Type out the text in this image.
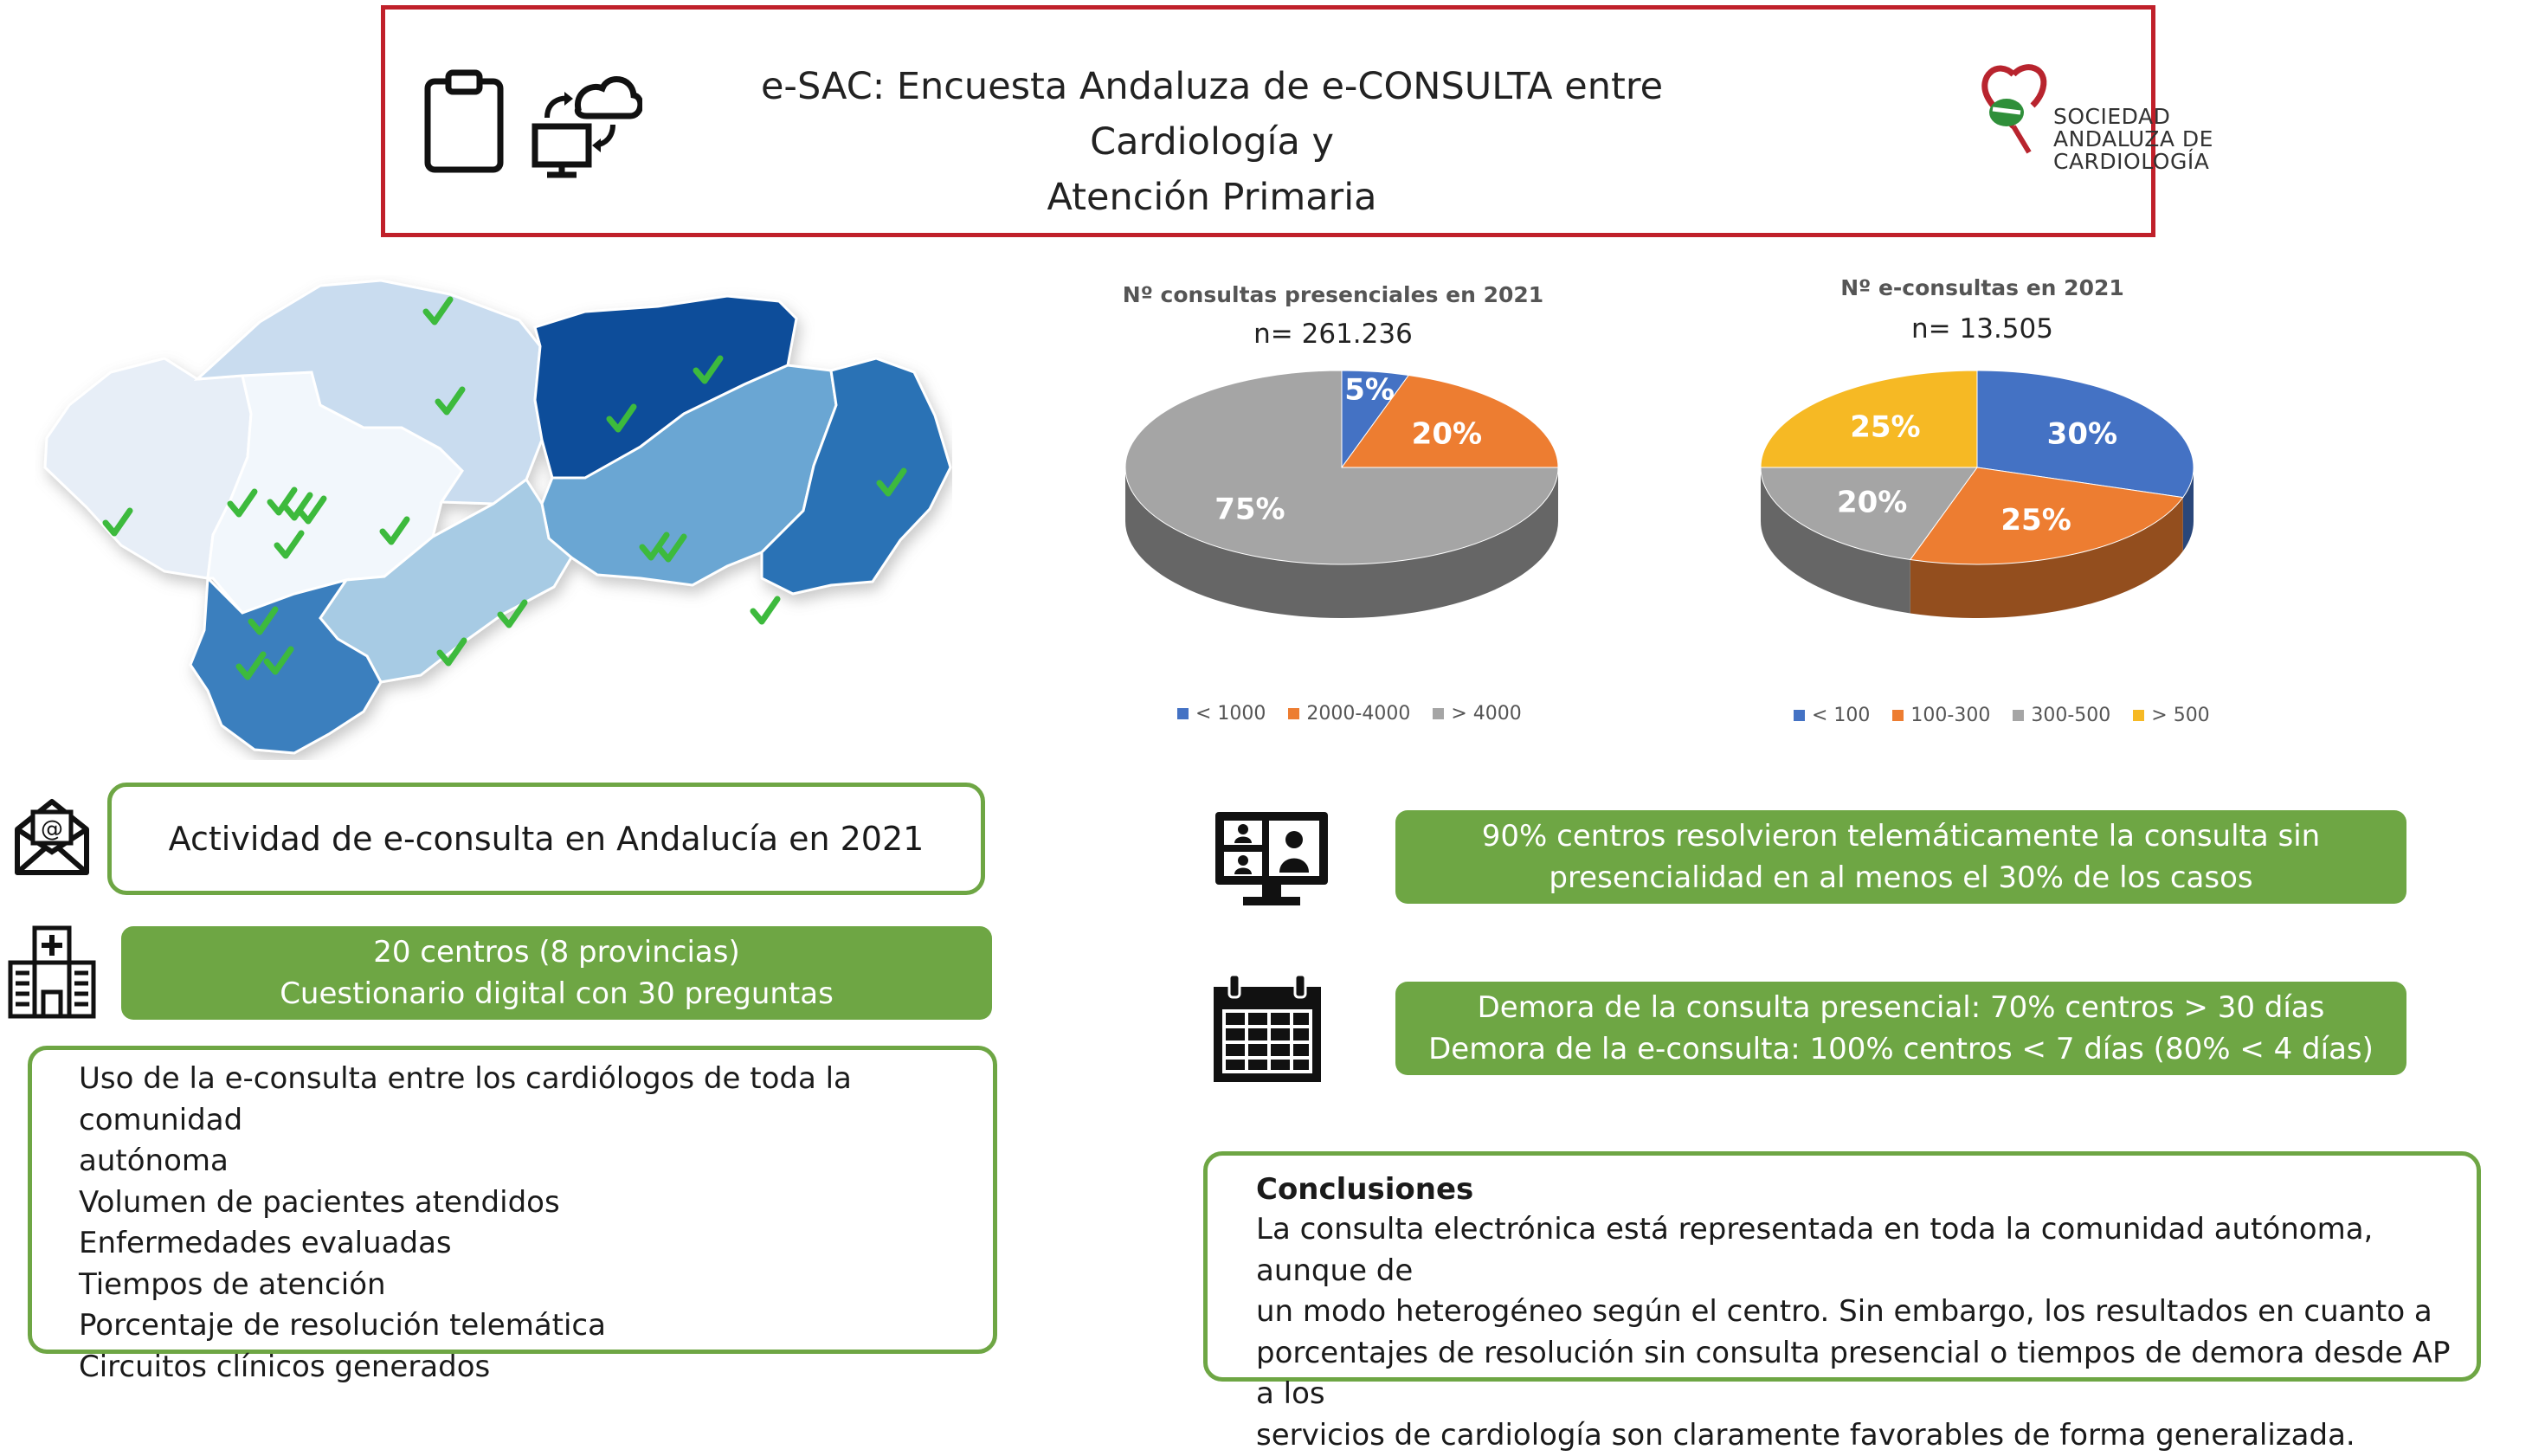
e-SAC: Encuesta Andaluza de e-CONSULTA entre Cardiología y
Atención Primaria
SOCIEDAD
ANDALUZA DE
CARDIOLOGÍA
Nº consultas presenciales en 2021
n= 261.236
5%
20%
75%
< 1000 2000-4000 > 4000
Nº e-consultas en 2021
n= 13.505
30%
25%
20%
25%
< 100 100-300 300-500 > 500
@	Actividad de e-consulta en Andalucía en 2021
20 centros (8 provincias)
Cuestionario digital con 30 preguntas
Uso de la e-consulta entre los cardiólogos de toda la comunidad
autónoma
Volumen de pacientes atendidos
Enfermedades evaluadas
Tiempos de atención
Porcentaje de resolución telemática
Circuitos clínicos generados
90% centros resolvieron telemáticamente la consulta sin
presencialidad en al menos el 30% de los casos
Demora de la consulta presencial: 70% centros > 30 días
Demora de la e-consulta: 100% centros < 7 días (80% < 4 días)
Conclusiones
La consulta electrónica está representada en toda la comunidad autónoma, aunque de
un modo heterogéneo según el centro. Sin embargo, los resultados en cuanto a
porcentajes de resolución sin consulta presencial o tiempos de demora desde AP a los
servicios de cardiología son claramente favorables de forma generalizada.
